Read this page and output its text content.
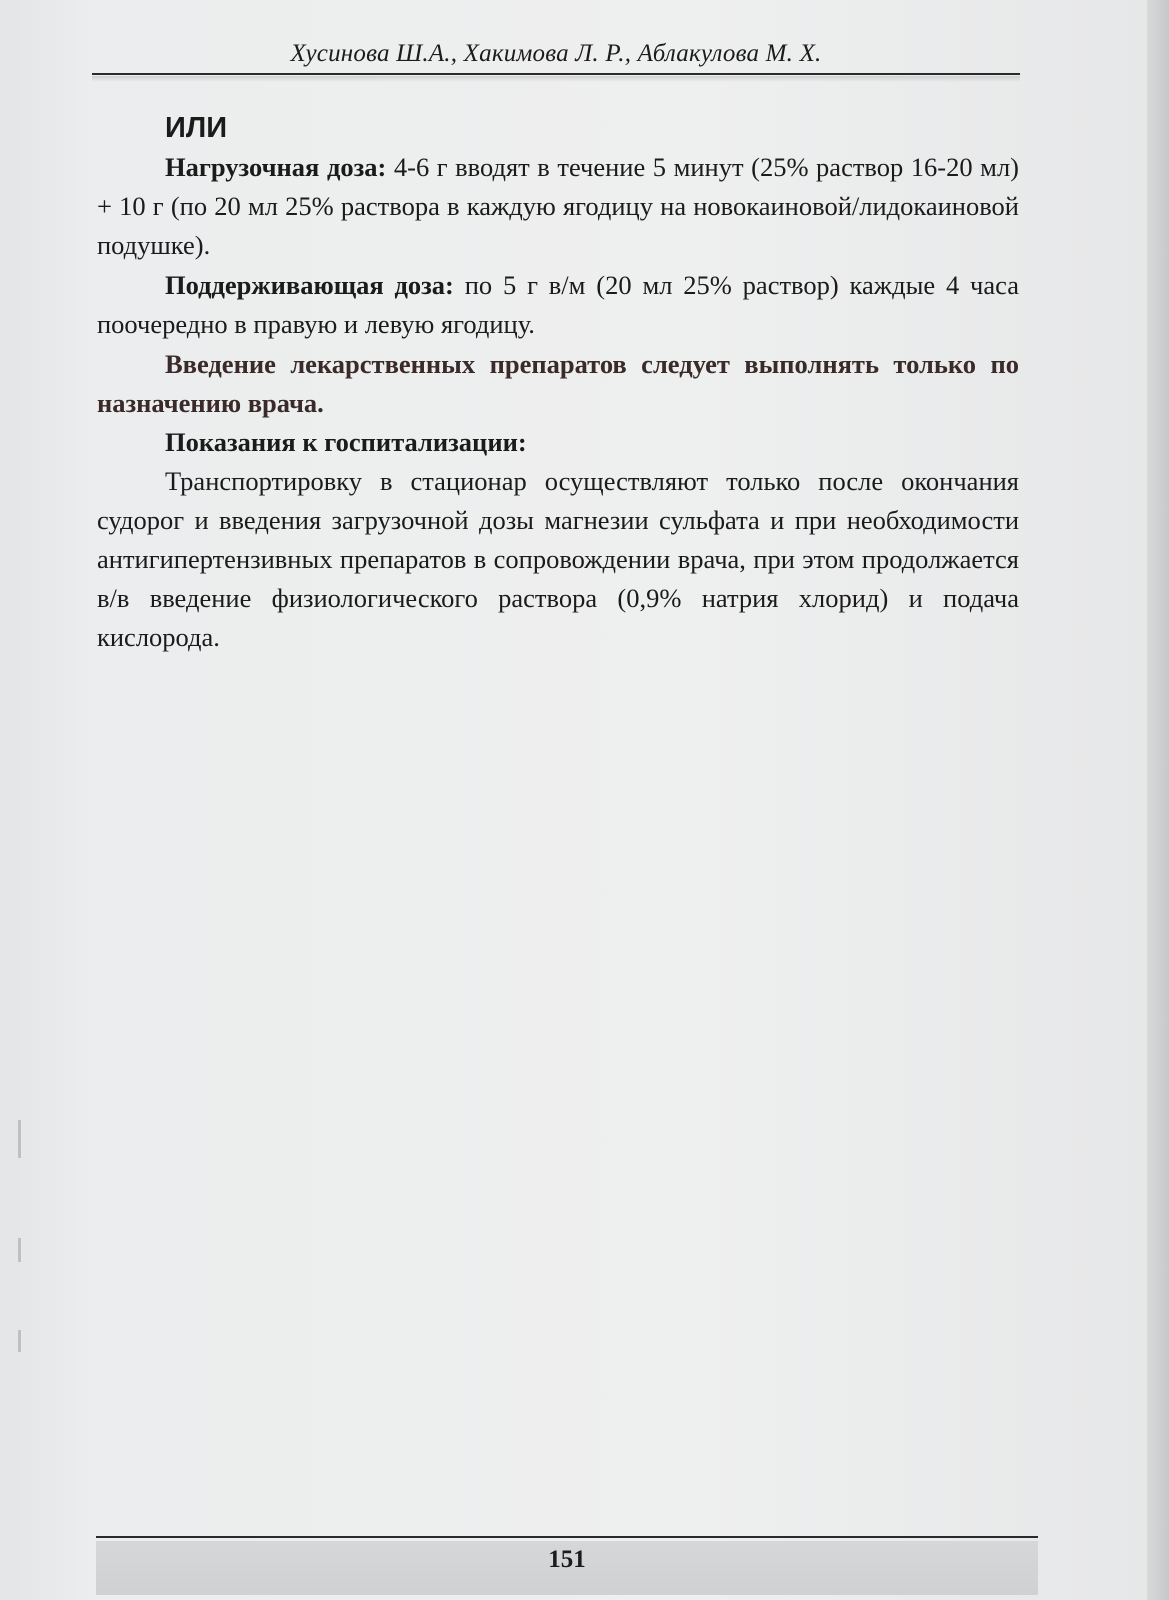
Хусинова Ш.А., Хакимова Л. Р., Аблакулова М. Х.
ИЛИ

Нагрузочная доза: 4-6 г вводят в течение 5 минут (25% раствор 16-20 мл) + 10 г (по 20 мл 25% раствора в каждую ягодицу на новокаиновой/лидокаиновой подушке).

Поддерживающая доза: по 5 г в/м (20 мл 25% раствор) каждые 4 часа поочередно в правую и левую ягодицу.

Введение лекарственных препаратов следует выполнять только по назначению врача.

Показания к госпитализации:

Транспортировку в стационар осуществляют только после окончания судорог и введения загрузочной дозы магнезии сульфата и при необходимости антигипертензивных препаратов в сопровождении врача, при этом продолжается в/в введение физиологического раствора (0,9% натрия хлорид) и подача кислорода.

151
